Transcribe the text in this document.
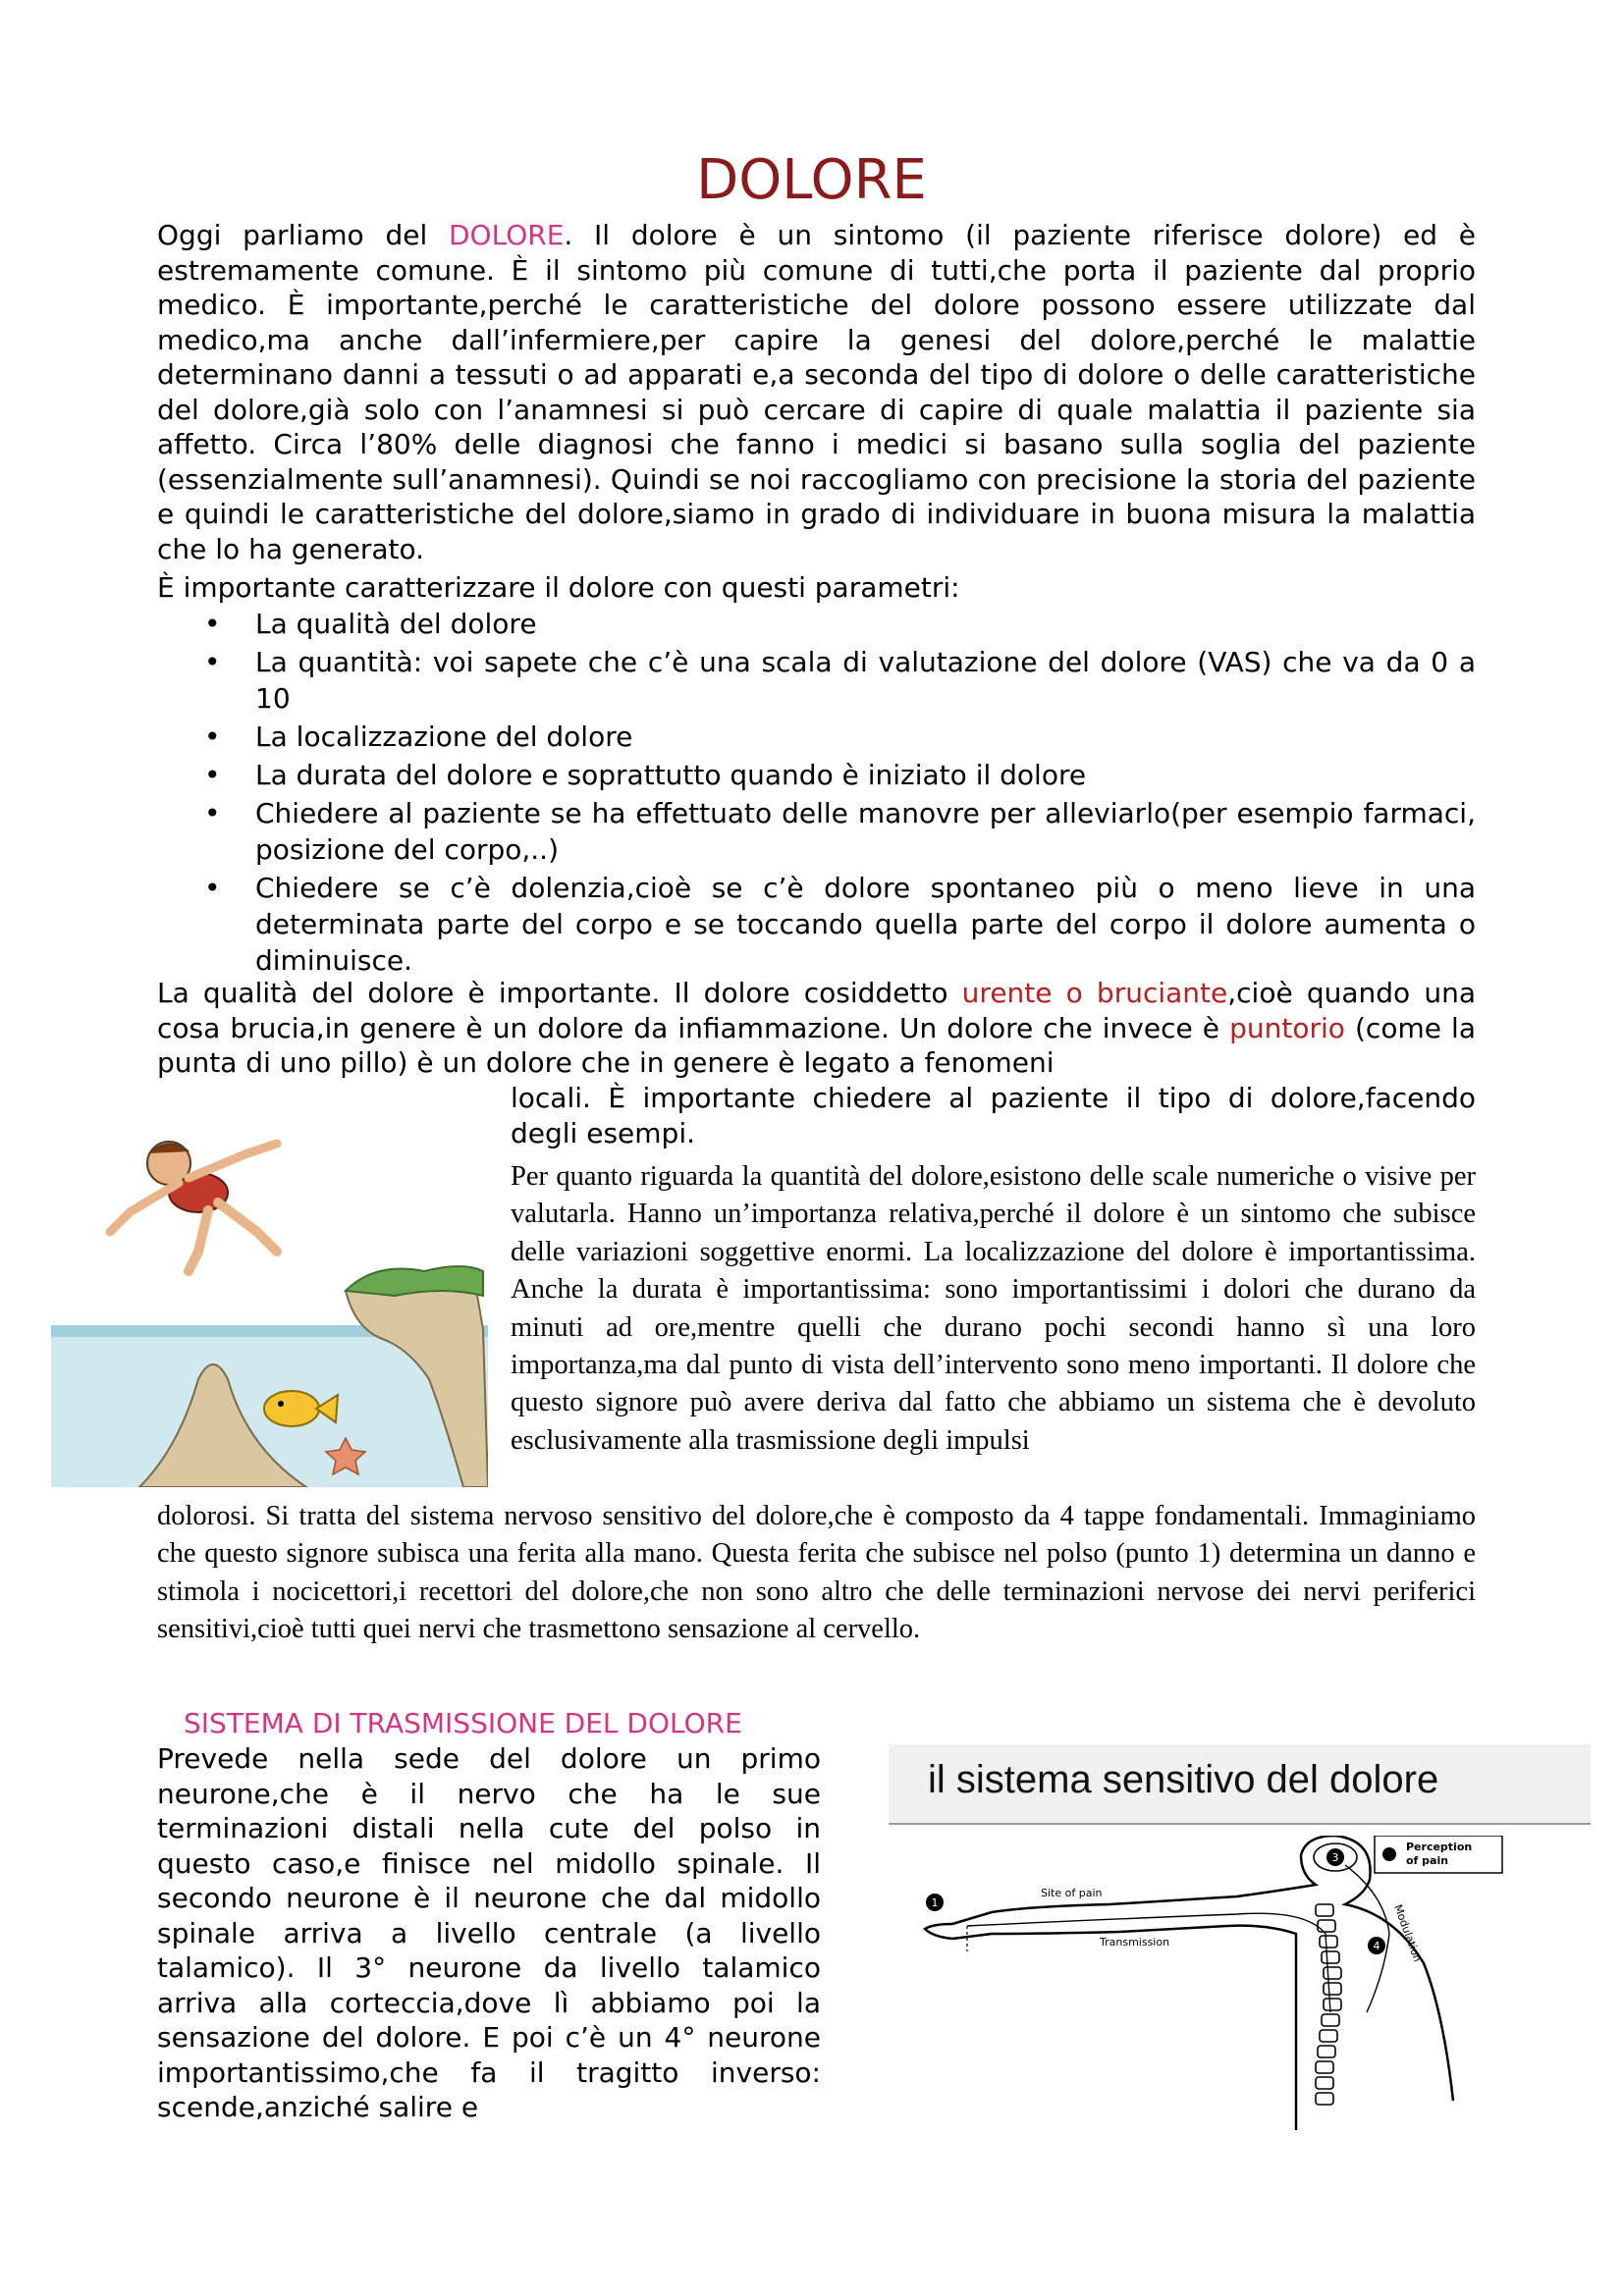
DOLORE
Oggi parliamo del DOLORE. Il dolore è un sintomo (il paziente riferisce dolore) ed è estremamente comune. È il sintomo più comune di tutti,che porta il paziente dal proprio medico. È importante,perché le caratteristiche del dolore possono essere utilizzate dal medico,ma anche dall’infermiere,per capire la genesi del dolore,perché le malattie determinano danni a tessuti o ad apparati e,a seconda del tipo di dolore o delle caratteristiche del dolore,già solo con l’anamnesi si può cercare di capire di quale malattia il paziente sia affetto. Circa l’80% delle diagnosi che fanno i medici si basano sulla soglia del paziente (essenzialmente sull’anamnesi). Quindi se noi raccogliamo con precisione la storia del paziente e quindi le caratteristiche del dolore,siamo in grado di individuare in buona misura la malattia che lo ha generato.
È importante caratterizzare il dolore con questi parametri:
• La qualità del dolore
• La quantità: voi sapete che c’è una scala di valutazione del dolore (VAS) che va da 0 a 10
• La localizzazione del dolore
• La durata del dolore e soprattutto quando è iniziato il dolore
• Chiedere al paziente se ha effettuato delle manovre per alleviarlo(per esempio farmaci, posizione del corpo,..)
• Chiedere se c’è dolenzia,cioè se c’è dolore spontaneo più o meno lieve in una determinata parte del corpo e se toccando quella parte del corpo il dolore aumenta o diminuisce.
La qualità del dolore è importante. Il dolore cosiddetto urente o bruciante,cioè quando una cosa brucia,in genere è un dolore da infiammazione. Un dolore che invece è puntorio (come la punta di uno pillo) è un dolore che in genere è legato a fenomeni
locali. È importante chiedere al paziente il tipo di dolore,facendo degli esempi.
Per quanto riguarda la quantità del dolore,esistono delle scale numeriche o visive per valutarla. Hanno un’importanza relativa,perché il dolore è un sintomo che subisce delle variazioni soggettive enormi. La localizzazione del dolore è importantissima. Anche la durata è importantissima: sono importantissimi i dolori che durano da minuti ad ore,mentre quelli che durano pochi secondi hanno sì una loro importanza,ma dal punto di vista dell’intervento sono meno importanti. Il dolore che questo signore può avere deriva dal fatto che abbiamo un sistema che è devoluto esclusivamente alla trasmissione degli impulsi
dolorosi. Si tratta del sistema nervoso sensitivo del dolore,che è composto da 4 tappe fondamentali. Immaginiamo che questo signore subisca una ferita alla mano. Questa ferita che subisce nel polso (punto 1) determina un danno e stimola i nocicettori,i recettori del dolore,che non sono altro che delle terminazioni nervose dei nervi periferici sensitivi,cioè tutti quei nervi che trasmettono sensazione al cervello.
SISTEMA DI TRASMISSIONE DEL DOLORE
Prevede nella sede del dolore un primo neurone,che è il nervo che ha le sue terminazioni distali nella cute del polso in questo caso,e finisce nel midollo spinale. Il secondo neurone è il neurone che dal midollo spinale arriva a livello centrale (a livello talamico). Il 3° neurone da livello talamico arriva alla corteccia,dove lì abbiamo poi la sensazione del dolore. E poi c’è un 4° neurone importantissimo,che fa il tragitto inverso: scende,anziché salire e
il sistema sensitivo del dolore
1
3
4
Site of pain
Transmission	Modulation
Perception
of pain
